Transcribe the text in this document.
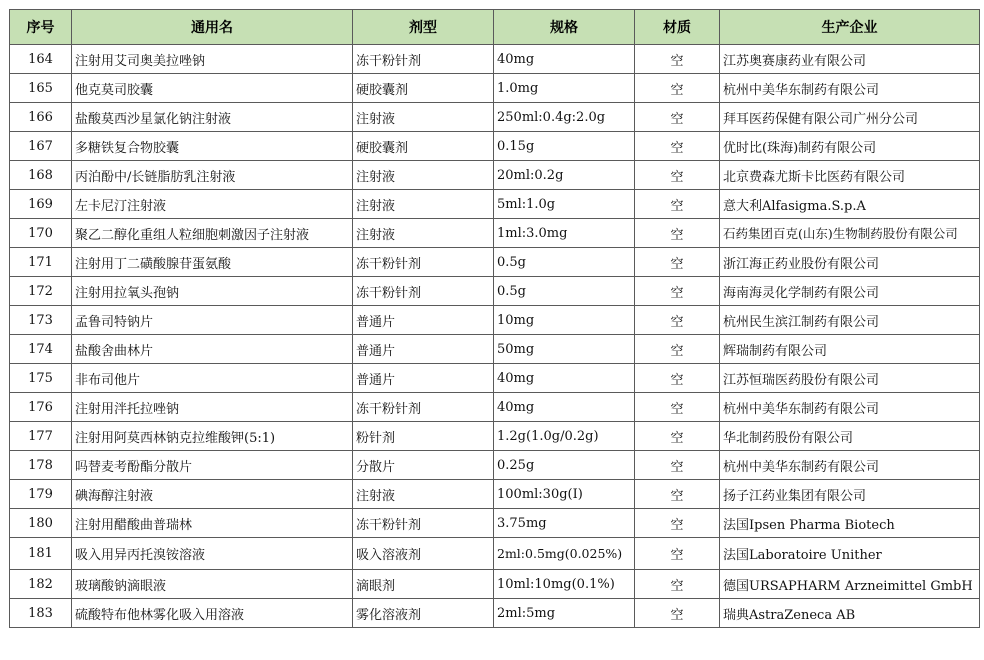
序号	通用名	剂型	规格	材质	生产企业
164	注射用艾司奥美拉唑钠	冻干粉针剂	40mg	空	江苏奥赛康药业有限公司
165	他克莫司胶囊	硬胶囊剂	1.0mg	空	杭州中美华东制药有限公司
166	盐酸莫西沙星氯化钠注射液	注射液	250ml:0.4g:2.0g	空	拜耳医药保健有限公司广州分公司
167	多糖铁复合物胶囊	硬胶囊剂	0.15g	空	优时比(珠海)制药有限公司
168	丙泊酚中/长链脂肪乳注射液	注射液	20ml:0.2g	空	北京费森尤斯卡比医药有限公司
169	左卡尼汀注射液	注射液	5ml:1.0g	空	意大利Alfasigma.S.p.A
170	聚乙二醇化重组人粒细胞刺激因子注射液	注射液	1ml:3.0mg	空	石药集团百克(山东)生物制药股份有限公司
171	注射用丁二磺酸腺苷蛋氨酸	冻干粉针剂	0.5g	空	浙江海正药业股份有限公司
172	注射用拉氧头孢钠	冻干粉针剂	0.5g	空	海南海灵化学制药有限公司
173	孟鲁司特钠片	普通片	10mg	空	杭州民生滨江制药有限公司
174	盐酸舍曲林片	普通片	50mg	空	辉瑞制药有限公司
175	非布司他片	普通片	40mg	空	江苏恒瑞医药股份有限公司
176	注射用泮托拉唑钠	冻干粉针剂	40mg	空	杭州中美华东制药有限公司
177	注射用阿莫西林钠克拉维酸钾(5:1)	粉针剂	1.2g(1.0g/0.2g)	空	华北制药股份有限公司
178	吗替麦考酚酯分散片	分散片	0.25g	空	杭州中美华东制药有限公司
179	碘海醇注射液	注射液	100ml:30g(I)	空	扬子江药业集团有限公司
180	注射用醋酸曲普瑞林	冻干粉针剂	3.75mg	空	法国Ipsen Pharma Biotech
181	吸入用异丙托溴铵溶液	吸入溶液剂	2ml:0.5mg(0.025%)	空	法国Laboratoire Unither
182	玻璃酸钠滴眼液	滴眼剂	10ml:10mg(0.1%)	空	德国URSAPHARM Arzneimittel GmbH
183	硫酸特布他林雾化吸入用溶液	雾化溶液剂	2ml:5mg	空	瑞典AstraZeneca AB
